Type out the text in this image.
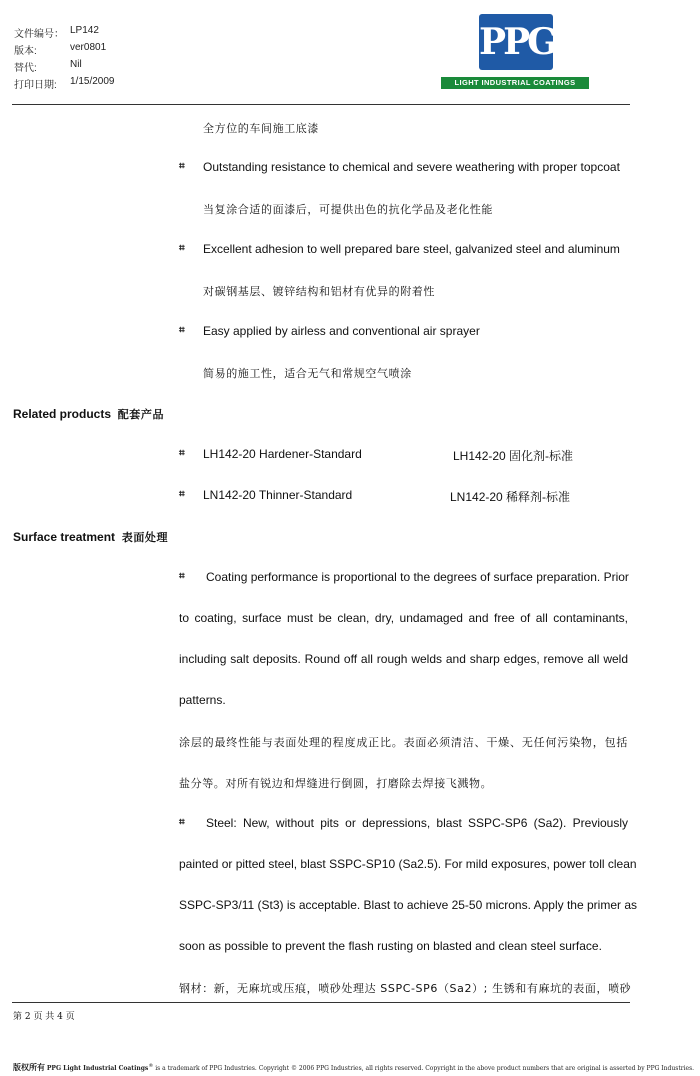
文件编号： LP142
版本:	ver0801
替代:	Nil
打印日期: 1/15/2009
PPG
LIGHT INDUSTRIAL COATINGS
全方位的车间施工底漆
⌗ Outstanding resistance to chemical and severe weathering with proper topcoat
当复涂合适的面漆后，可提供出色的抗化学品及老化性能
⌗ Excellent adhesion to well prepared bare steel, galvanized steel and aluminum
对碳钢基层、镀锌结构和铝材有优异的附着性
⌗ Easy applied by airless and conventional air sprayer
简易的施工性，适合无气和常规空气喷涂
Related products 配套产品
⌗ LH142-20 Hardener-Standard	LH142-20 固化剂-标准
⌗ LN142-20 Thinner-Standard	LN142-20 稀释剂-标准
Surface treatment 表面处理
⌗ Coating performance is proportional to the degrees of surface preparation. Prior
to coating, surface must be clean, dry, undamaged and free of all contaminants,
including salt deposits. Round off all rough welds and sharp edges, remove all weld
patterns.
涂层的最终性能与表面处理的程度成正比。表面必须清洁、干燥、无任何污染物，包括
盐分等。对所有锐边和焊缝进行倒圆，打磨除去焊接飞溅物。
⌗ Steel: New, without pits or depressions, blast SSPC-SP6 (Sa2). Previously
painted or pitted steel, blast SSPC-SP10 (Sa2.5). For mild exposures, power toll clean
SSPC-SP3/11 (St3) is acceptable. Blast to achieve 25-50 microns. Apply the primer as
soon as possible to prevent the flash rusting on blasted and clean steel surface.
钢材：新，无麻坑或压痕，喷砂处理达 SSPC-SP6（Sa2）; 生锈和有麻坑的表面，喷砂
第 2 页 共 4 页
版权所有 PPG Light Industrial Coatings® is a trademark of PPG Industries. Copyright © 2006 PPG Industries, all rights reserved. Copyright in the above product numbers that are original is asserted by PPG Industries.
